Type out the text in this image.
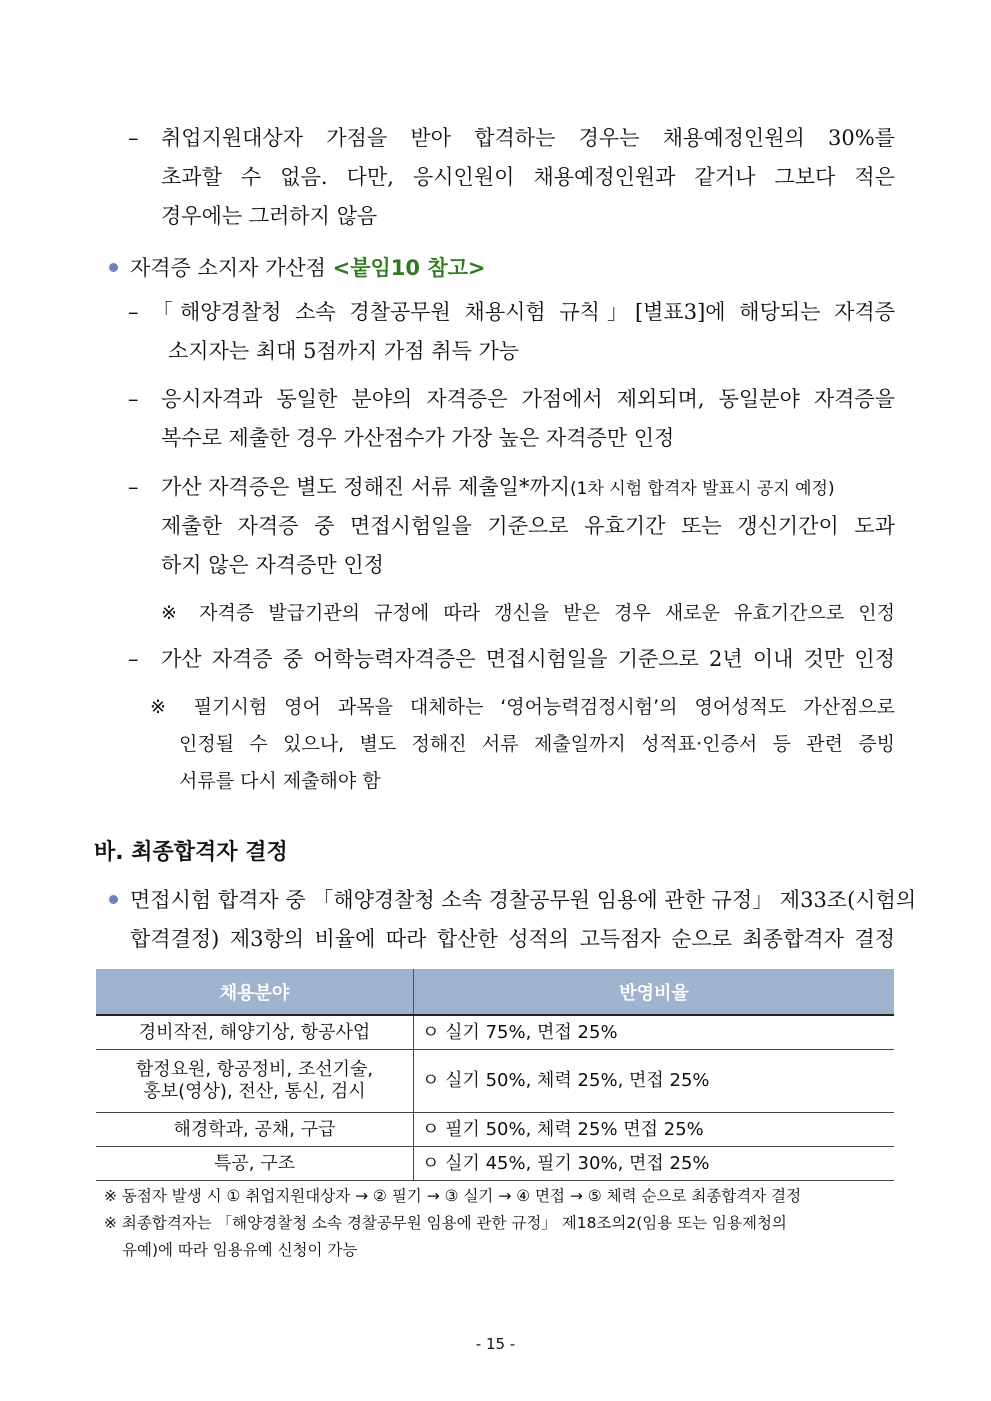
– 취업지원대상자 가점을 받아 합격하는 경우는 채용예정인원의 30%를
초과할 수 없음. 다만, 응시인원이 채용예정인원과 같거나 그보다 적은
경우에는 그러하지 않음
자격증 소지자 가산점 <붙임10 참고>
– 「해양경찰청 소속 경찰공무원 채용시험 규칙」[별표3]에 해당되는 자격증
소지자는 최대 5점까지 가점 취득 가능
– 응시자격과 동일한 분야의 자격증은 가점에서 제외되며, 동일분야 자격증을
복수로 제출한 경우 가산점수가 가장 높은 자격증만 인정
– 가산 자격증은 별도 정해진 서류 제출일*까지(1차 시험 합격자 발표시 공지 예정)
제출한 자격증 중 면접시험일을 기준으로 유효기간 또는 갱신기간이 도과
하지 않은 자격증만 인정
※ 자격증 발급기관의 규정에 따라 갱신을 받은 경우 새로운 유효기간으로 인정
– 가산 자격증 중 어학능력자격증은 면접시험일을 기준으로 2년 이내 것만 인정
※ 필기시험 영어 과목을 대체하는 ‘영어능력검정시험’의 영어성적도 가산점으로
인정될 수 있으나, 별도 정해진 서류 제출일까지 성적표·인증서 등 관련 증빙
서류를 다시 제출해야 함
바. 최종합격자 결정
면접시험 합격자 중 「해양경찰청 소속 경찰공무원 임용에 관한 규정」 제33조(시험의
합격결정) 제3항의 비율에 따라 합산한 성적의 고득점자 순으로 최종합격자 결정
채용분야	반영비율
경비작전, 해양기상, 항공사업	ㅇ 실기 75%, 면접 25%
함정요원, 항공정비, 조선기술,
홍보(영상), 전산, 통신, 검시	ㅇ 실기 50%, 체력 25%, 면접 25%
해경학과, 공채, 구급	ㅇ 필기 50%, 체력 25% 면접 25%
특공, 구조	ㅇ 실기 45%, 필기 30%, 면접 25%
※ 동점자 발생 시 ① 취업지원대상자 → ② 필기 → ③ 실기 → ④ 면접 → ⑤ 체력 순으로 최종합격자 결정
※ 최종합격자는 「해양경찰청 소속 경찰공무원 임용에 관한 규정」 제18조의2(임용 또는 임용제청의
유예)에 따라 임용유예 신청이 가능
- 15 -
